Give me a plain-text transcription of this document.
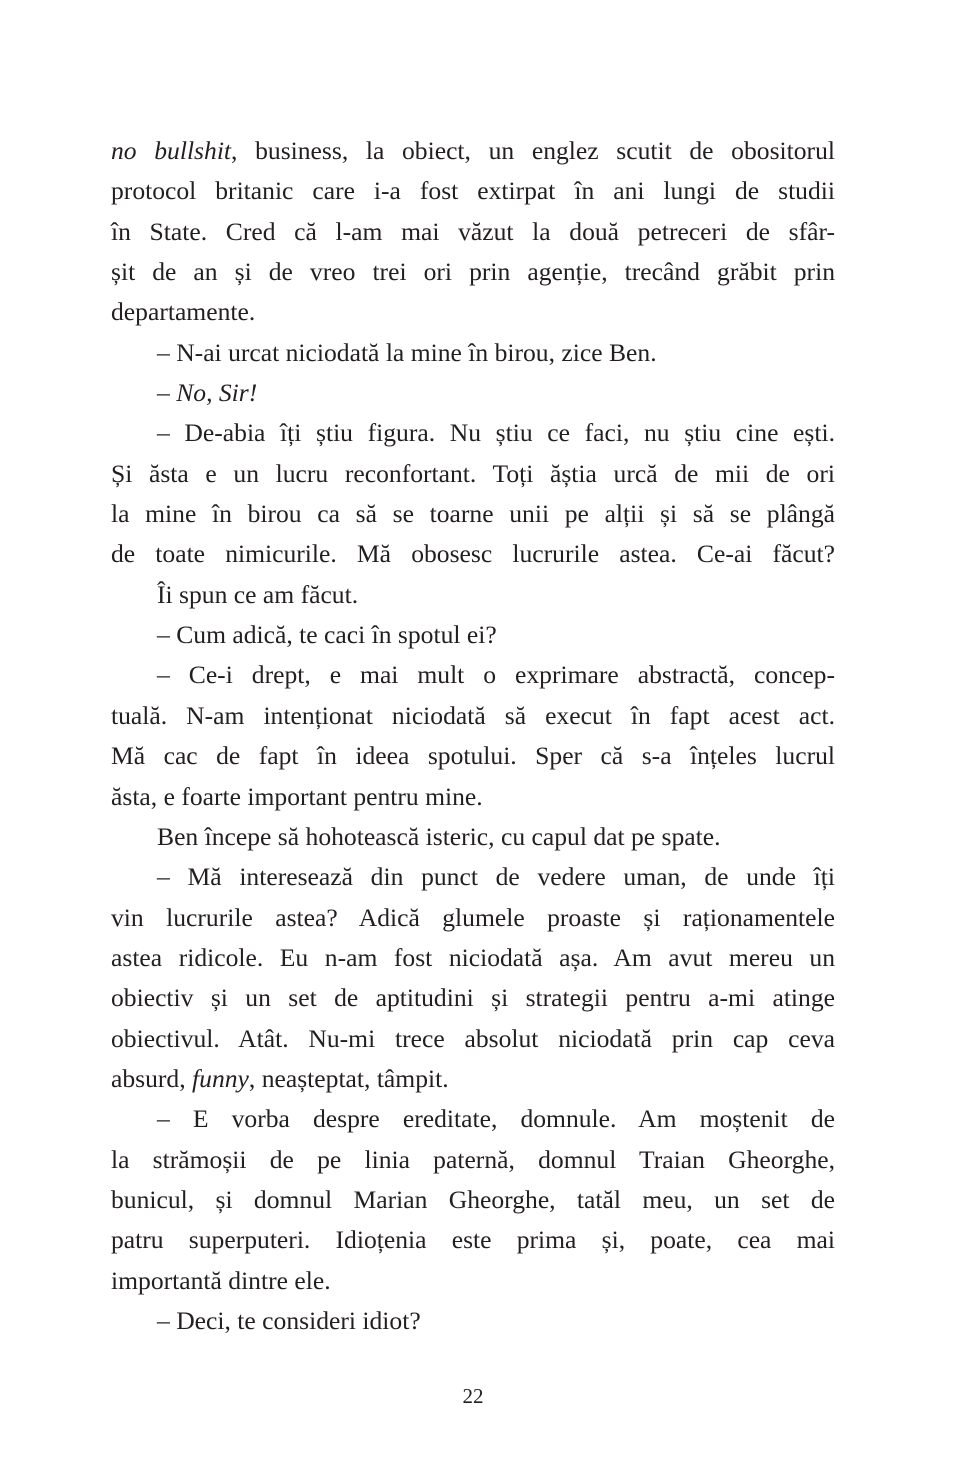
no bullshit, business, la obiect, un englez scutit de obositorul
protocol britanic care i-a fost extirpat în ani lungi de studii
în State. Cred că l-am mai văzut la două petreceri de sfâr-
șit de an și de vreo trei ori prin agenție, trecând grăbit prin
departamente.
– N-ai urcat niciodată la mine în birou, zice Ben.
– No, Sir!
– De-abia îți știu figura. Nu știu ce faci, nu știu cine ești.
Și ăsta e un lucru reconfortant. Toți ăștia urcă de mii de ori
la mine în birou ca să se toarne unii pe alții și să se plângă
de toate nimicurile. Mă obosesc lucrurile astea. Ce-ai făcut?
Îi spun ce am făcut.
– Cum adică, te caci în spotul ei?
– Ce-i drept, e mai mult o exprimare abstractă, concep-
tuală. N-am intenționat niciodată să execut în fapt acest act.
Mă cac de fapt în ideea spotului. Sper că s-a înțeles lucrul
ăsta, e foarte important pentru mine.
Ben începe să hohotească isteric, cu capul dat pe spate.
– Mă interesează din punct de vedere uman, de unde îți
vin lucrurile astea? Adică glumele proaste și raționamentele
astea ridicole. Eu n-am fost niciodată așa. Am avut mereu un
obiectiv și un set de aptitudini și strategii pentru a-mi atinge
obiectivul. Atât. Nu-mi trece absolut niciodată prin cap ceva
absurd, funny, neașteptat, tâmpit.
– E vorba despre ereditate, domnule. Am moștenit de
la strămoșii de pe linia paternă, domnul Traian Gheorghe,
bunicul, și domnul Marian Gheorghe, tatăl meu, un set de
patru superputeri. Idioțenia este prima și, poate, cea mai
importantă dintre ele.
– Deci, te consideri idiot?
22
